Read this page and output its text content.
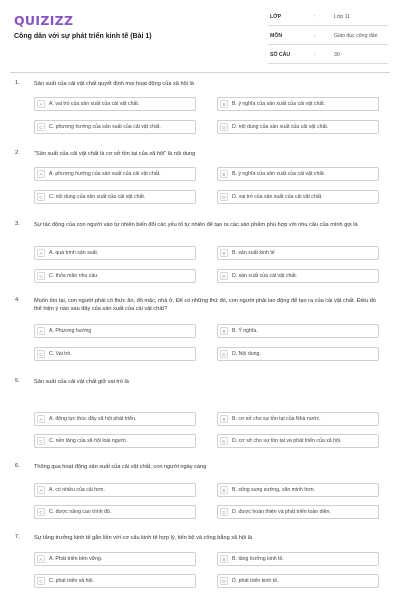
QUIZIZZ
Công dân với sự phát triển kinh tế (Bài 1)
LỚP	:	Lớp 11
MÔN	:	Giáo dục công dân
SỐ CÂU	:	30
1.	Sản xuất của cải vật chất quyết định mọi hoạt động của xã hội là
A	A. vai trò của sản xuất của cải vật chất.	B	B. ý nghĩa của sản xuất của cải vật chất.
C	C. phương hướng của sản xuất của cải vật chất.	D	D. nội dung của sản xuất của cải vật chất.
2.	"Sản xuất của cải vật chất là cơ sở tồn tại của xã hội" là nội dung
A	A. phương hướng của sản xuất của cải vật chất.	B	B. ý nghĩa của sản xuất của cải vật chất.
C	C. nội dung của sản xuất của cải vật chất.	D	D. vai trò của sản xuất của cải vật chất.
3.	Sự tác động của con người vào tự nhiên biến đổi các yếu tố tự nhiên để tạo ra các sản phẩm phù hợp với nhu cầu của mình gọi là
A	A. quá trình sản xuất.	B	B. sản xuất kinh tế
C	C. thỏa mãn nhu cầu.	D	D. sản xuất của cải vật chất.
4.	Muốn tồn tại, con người phải có thức ăn, đồ mặc, nhà ở. Để có những thứ đó, con người phải lao động để tạo ra của cải vật chất. Điều đó thể hiện ý nào sau đây của sản xuất của cải vật chất?
A	A. Phương hướng	B	B. Ý nghĩa.
C	C. Vai trò.	D	D. Nội dung.
5.	Sản xuất của cải vật chất giữ vai trò là
A	A. động lực thúc đẩy xã hội phát triển.	B	B. cơ sở cho sự tồn tại của Nhà nước.
C	C. nền tảng của xã hội loài người.	D	D. cơ sở cho sự tồn tại và phát triển của xã hội.
6.	Thông qua hoạt động sản xuất của cải vật chất, con người ngày càng
A	A. có nhiều của cải hơn.	B	B. sống sung sướng, văn minh hơn.
C	C. được nâng cao trình độ.	D	D. được hoàn thiện và phát triển toàn diện.
7.	Sự tăng trưởng kinh tế gắn liền với cơ cấu kinh tế hợp lý, tiến bộ và công bằng xã hội là
A	A. Phát triển bền vững.	B	B. tăng trưởng kinh tế.
C	C. phát triển xã hội.	D	D. phát triển kinh tế.
